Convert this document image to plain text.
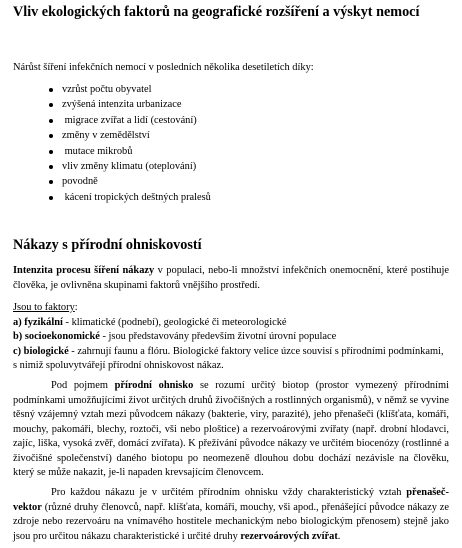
Vliv ekologických faktorů na geografické rozšíření a výskyt nemocí

Nárůst šíření infekčních nemocí v posledních několika desetiletích díky:

vzrůst počtu obyvatel
zvýšená intenzita urbanizace
migrace zvířat a lidí (cestování)
změny v zemědělství
mutace mikrobů
vliv změny klimatu (oteplování)
povodně
kácení tropických deštných pralesů
Nákazy s přírodní ohniskovostí

Intenzita procesu šíření nákazy v populaci, nebo-li množství infekčních onemocnění, které postihuje člověka, je ovlivněna skupinami faktorů vnějšího prostředí.

Jsou to faktory:
a) fyzikální - klimatické (podnebí), geologické či meteorologické
b) socioekonomické - jsou představovány především životní úrovní populace
c) biologické - zahrnují faunu a flóru. Biologické faktory velice úzce souvisí s přírodními podmínkami, s nimiž spoluvytvářejí přírodní ohniskovost nákaz.

Pod pojmem přírodní ohnisko se rozumí určitý biotop (prostor vymezený přírodními podmínkami umožňujícími život určitých druhů živočišných a rostlinných organismů), v němž se vyvine těsný vzájemný vztah mezi původcem nákazy (bakterie, viry, parazité), jeho přenašeči (klíšťata, komáři, mouchy, pakomáři, blechy, roztoči, vši nebo ploštice) a rezervoárovými zvířaty (např. drobní hlodavci, zajíc, liška, vysoká zvěř, domácí zvířata). K přežívání původce nákazy ve určitém biocenózy (rostlinné a živočišné společenství) daného biotopu po neomezeně dlouhou dobu dochází nezávisle na člověku, který se může nakazit, je-li napaden krevsajícím členovcem.

Pro každou nákazu je v určitém přírodním ohnisku vždy charakteristický vztah přenašeč-vektor (různé druhy členovců, např. klíšťata, komáři, mouchy, vši apod., přenášející původce nákazy ze zdroje nebo rezervoáru na vnímavého hostitele mechanickým nebo biologickým přenosem) stejně jako jsou pro určitou nákazu charakteristické i určité druhy rezervoárových zvířat.
